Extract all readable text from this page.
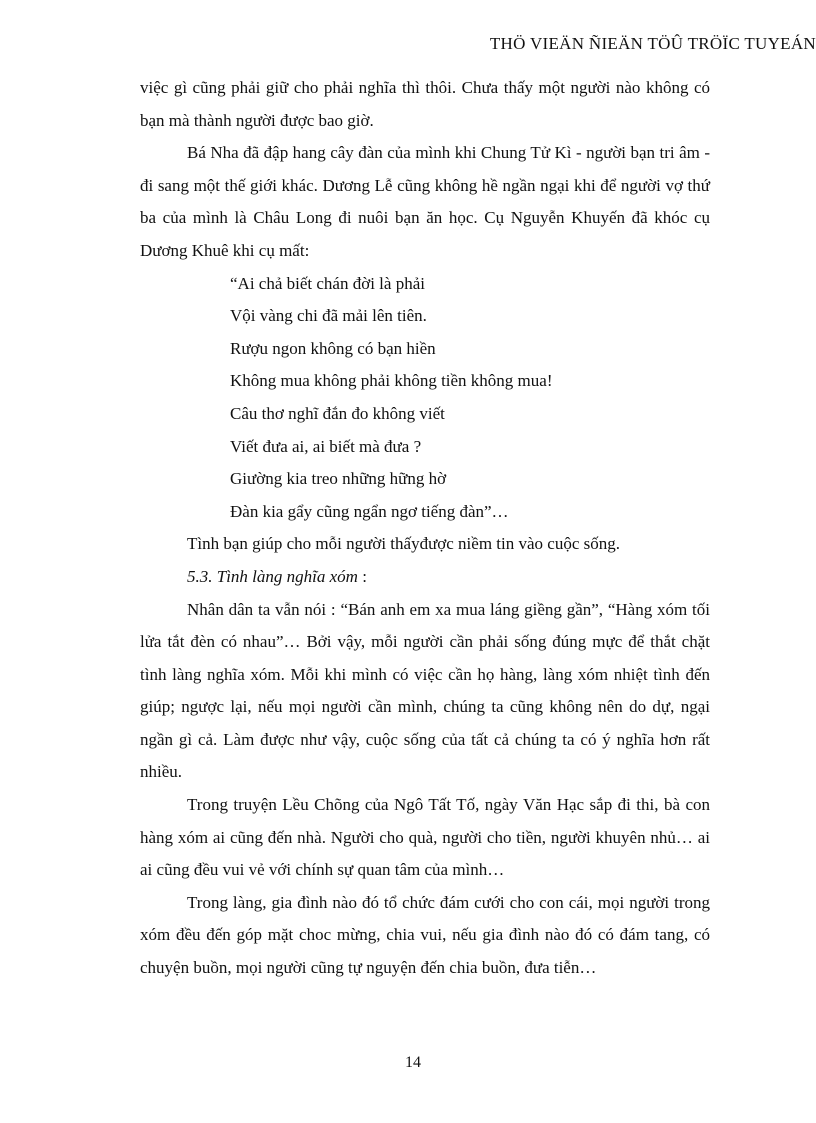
THÖ VIEÄN ÑIEÄN TÖÛ TRÖÏC TUYEÁN

việc gì cũng phải giữ cho phải nghĩa thì thôi. Chưa thấy một người nào không có bạn mà thành người được bao giờ.

Bá Nha đã đập hang cây đàn của mình khi Chung Tử Kì - người bạn tri âm - đi sang một thế giới khác. Dương Lễ cũng không hề ngần ngại khi để người vợ thứ ba của mình là Châu Long đi nuôi bạn ăn học. Cụ Nguyễn Khuyến đã khóc cụ Dương Khuê khi cụ mất:

“Ai chả biết chán đời là phải
Vội vàng chi đã mải lên tiên.
Rượu ngon không có bạn hiền
Không mua không phải không tiền không mua!
Câu thơ nghĩ đắn đo không viết
Viết đưa ai, ai biết mà đưa ?
Giường kia treo những hững hờ
Đàn kia gẩy cũng ngẩn ngơ tiếng đàn”…

Tình bạn giúp cho mỗi người thấyđược niềm tin vào cuộc sống.

5.3. Tình làng nghĩa xóm :

Nhân dân ta vẫn nói : “Bán anh em xa mua láng giềng gần”, “Hàng xóm tối lửa tắt đèn có nhau”… Bởi vậy, mỗi người cần phải sống đúng mực để thắt chặt tình làng nghĩa xóm. Mỗi khi mình có việc cần họ hàng, làng xóm nhiệt tình đến giúp; ngược lại, nếu mọi người cần mình, chúng ta cũng không nên do dự, ngại ngần gì cả. Làm được như vậy, cuộc sống của tất cả chúng ta có ý nghĩa hơn rất nhiều.

Trong truyện Lều Chõng của Ngô Tất Tố, ngày Văn Hạc sắp đi thi, bà con hàng xóm ai cũng đến nhà. Người cho quà, người cho tiền, người khuyên nhủ… ai ai cũng đều vui vẻ với chính sự quan tâm của mình…

Trong làng, gia đình nào đó tổ chức đám cưới cho con cái, mọi người trong xóm đều đến góp mặt choc mừng, chia vui, nếu gia đình nào đó có đám tang, có chuyện buồn, mọi người cũng tự nguyện đến chia buồn, đưa tiễn…

14
